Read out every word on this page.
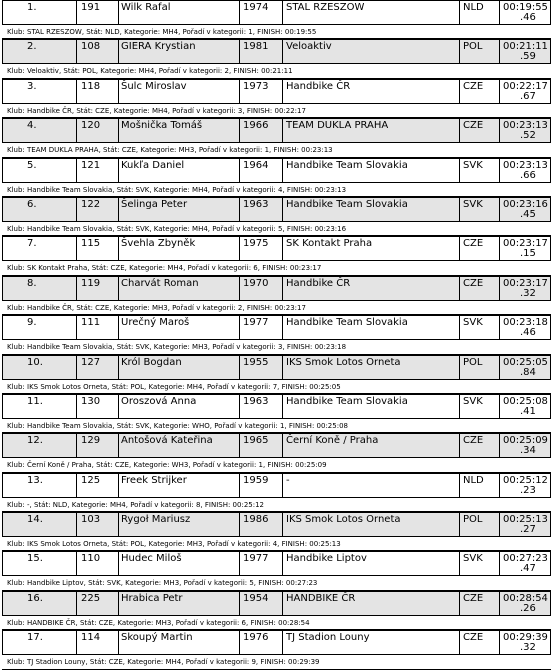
1.	191	Wilk Rafal	1974	STAL RZESZOW	NLD	00:19:55
.46
Klub: STAL RZESZOW, Stát: NLD, Kategorie: MH4, Pořadí v kategorii: 1, FINISH: 00:19:55
2.	108	GIERA Krystian	1981	Veloaktiv	POL	00:21:11
.59
Klub: Veloaktiv, Stát: POL, Kategorie: MH4, Pořadí v kategorii: 2, FINISH: 00:21:11
3.	118	Šulc Miroslav	1973	Handbike ČR	CZE	00:22:17
.67
Klub: Handbike ČR, Stát: CZE, Kategorie: MH4, Pořadí v kategorii: 3, FINISH: 00:22:17
4.	120	Mošnička Tomáš	1966	TEAM DUKLA PRAHA	CZE	00:23:13
.52
Klub: TEAM DUKLA PRAHA, Stát: CZE, Kategorie: MH3, Pořadí v kategorii: 1, FINISH: 00:23:13
5.	121	Kukľa Daniel	1964	Handbike Team Slovakia	SVK	00:23:13
.66
Klub: Handbike Team Slovakia, Stát: SVK, Kategorie: MH4, Pořadí v kategorii: 4, FINISH: 00:23:13
6.	122	Šelinga Peter	1963	Handbike Team Slovakia	SVK	00:23:16
.45
Klub: Handbike Team Slovakia, Stát: SVK, Kategorie: MH4, Pořadí v kategorii: 5, FINISH: 00:23:16
7.	115	Švehla Zbyněk	1975	SK Kontakt Praha	CZE	00:23:17
.15
Klub: SK Kontakt Praha, Stát: CZE, Kategorie: MH4, Pořadí v kategorii: 6, FINISH: 00:23:17
8.	119	Charvát Roman	1970	Handbike ČR	CZE	00:23:17
.32
Klub: Handbike ČR, Stát: CZE, Kategorie: MH3, Pořadí v kategorii: 2, FINISH: 00:23:17
9.	111	Urečný Maroš	1977	Handbike Team Slovakia	SVK	00:23:18
.46
Klub: Handbike Team Slovakia, Stát: SVK, Kategorie: MH3, Pořadí v kategorii: 3, FINISH: 00:23:18
10.	127	Król Bogdan	1955	IKS Smok Lotos Orneta	POL	00:25:05
.84
Klub: IKS Smok Lotos Orneta, Stát: POL, Kategorie: MH4, Pořadí v kategorii: 7, FINISH: 00:25:05
11.	130	Oroszová Anna	1963	Handbike Team Slovakia	SVK	00:25:08
.41
Klub: Handbike Team Slovakia, Stát: SVK, Kategorie: WHO, Pořadí v kategorii: 1, FINISH: 00:25:08
12.	129	Antošová Kateřina	1965	Černí Koně / Praha	CZE	00:25:09
.34
Klub: Černí Koně / Praha, Stát: CZE, Kategorie: WH3, Pořadí v kategorii: 1, FINISH: 00:25:09
13.	125	Freek Strijker	1959	-	NLD	00:25:12
.23
Klub: -, Stát: NLD, Kategorie: MH4, Pořadí v kategorii: 8, FINISH: 00:25:12
14.	103	Rygoł Mariusz	1986	IKS Smok Lotos Orneta	POL	00:25:13
.27
Klub: IKS Smok Lotos Orneta, Stát: POL, Kategorie: MH3, Pořadí v kategorii: 4, FINISH: 00:25:13
15.	110	Hudec Miloš	1977	Handbike Liptov	SVK	00:27:23
.47
Klub: Handbike Liptov, Stát: SVK, Kategorie: MH3, Pořadí v kategorii: 5, FINISH: 00:27:23
16.	225	Hrabica Petr	1954	HANDBIKE ČR	CZE	00:28:54
.26
Klub: HANDBIKE ČR, Stát: CZE, Kategorie: MH3, Pořadí v kategorii: 6, FINISH: 00:28:54
17.	114	Skoupý Martin	1976	TJ Stadion Louny	CZE	00:29:39
.32
Klub: TJ Stadion Louny, Stát: CZE, Kategorie: MH4, Pořadí v kategorii: 9, FINISH: 00:29:39
